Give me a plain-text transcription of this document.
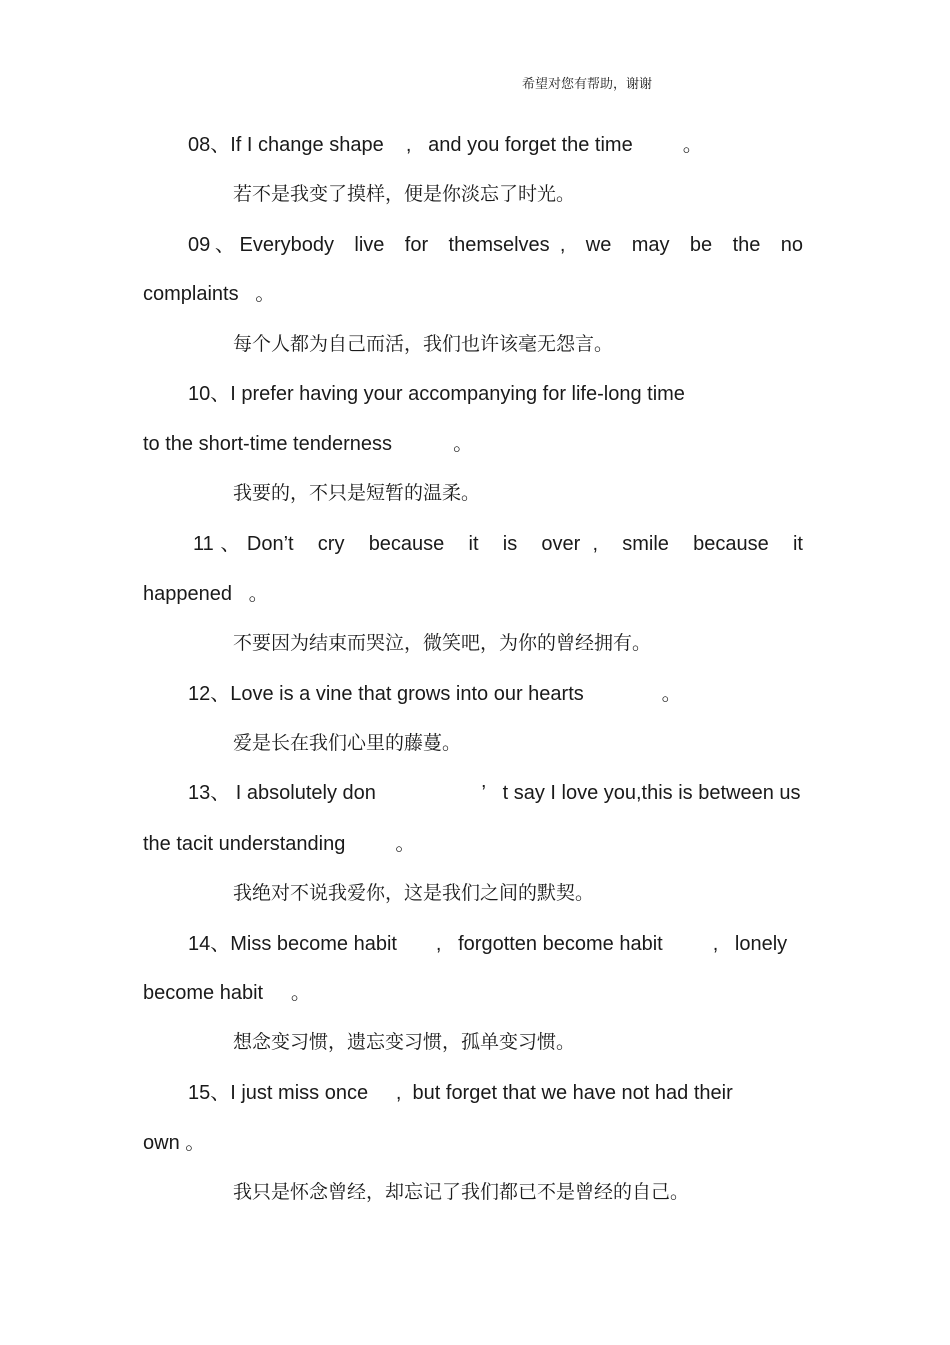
希望对您有帮助，谢谢
08、If I change shape    ,   and you forget the time         。
若不是我变了摸样，便是你淡忘了时光。
09、Everybody  live  for  themselves ,  we  may  be  the  no
complaints   。
每个人都为自己而活，我们也许该毫无怨言。
10、I prefer having your accompanying for life-long time
to the short-time tenderness           。
我要的，不只是短暂的温柔。
11、Don’t  cry  because  it  is  over ,  smile  because  it
happened   。
不要因为结束而哭泣，微笑吧，为你的曾经拥有。
12、Love is a vine that grows into our hearts              。
爱是长在我们心里的藤蔓。
13、 I absolutely don                   ’   t say I love you,this is between us
the tacit understanding         。
我绝对不说我爱你，这是我们之间的默契。
14、Miss become habit       ,   forgotten become habit         ,   lonely
become habit     。
想念变习惯，遗忘变习惯，孤单变习惯。
15、I just miss once     ,  but forget that we have not had their
own 。
我只是怀念曾经，却忘记了我们都已不是曾经的自己。
